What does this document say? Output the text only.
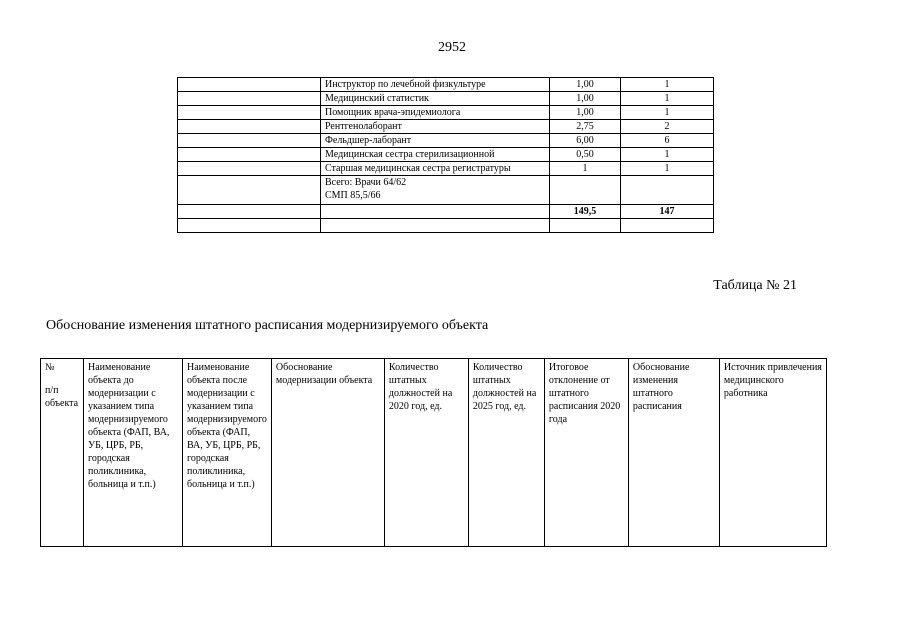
2952
	Инструктор по лечебной физкультуре	1,00	1
	Медицинский статистик	1,00	1
	Помощник врача-эпидемиолога	1,00	1
	Рентгенолаборант	2,75	2
	Фельдшер-лаборант	6,00	6
	Медицинская сестра стерилизационной	0,50	1
	Старшая медицинская сестра регистратуры	1	1

	Всего: Врачи 64/62
СМП 85,5/66		

		149,5	147

Таблица № 21
Обоснование изменения штатного расписания модернизируемого объекта
№
п/п объекта
	Наименование объекта до модернизации с указанием типа модернизируемого объекта (ФАП, ВА, УБ, ЦРБ, РБ, городская поликлиника, больница и т.п.)	Наименование объекта после модернизации с указанием типа модернизируемого объекта (ФАП, ВА, УБ, ЦРБ, РБ, городская поликлиника, больница и т.п.)	Обоснование модернизации объекта	Количество штатных должностей на 2020 год, ед.	Количество штатных должностей на 2025 год, ед.	Итоговое отклонение от штатного расписания 2020 года	Обоснование изменения штатного расписания	Источник привлечения медицинского работника
